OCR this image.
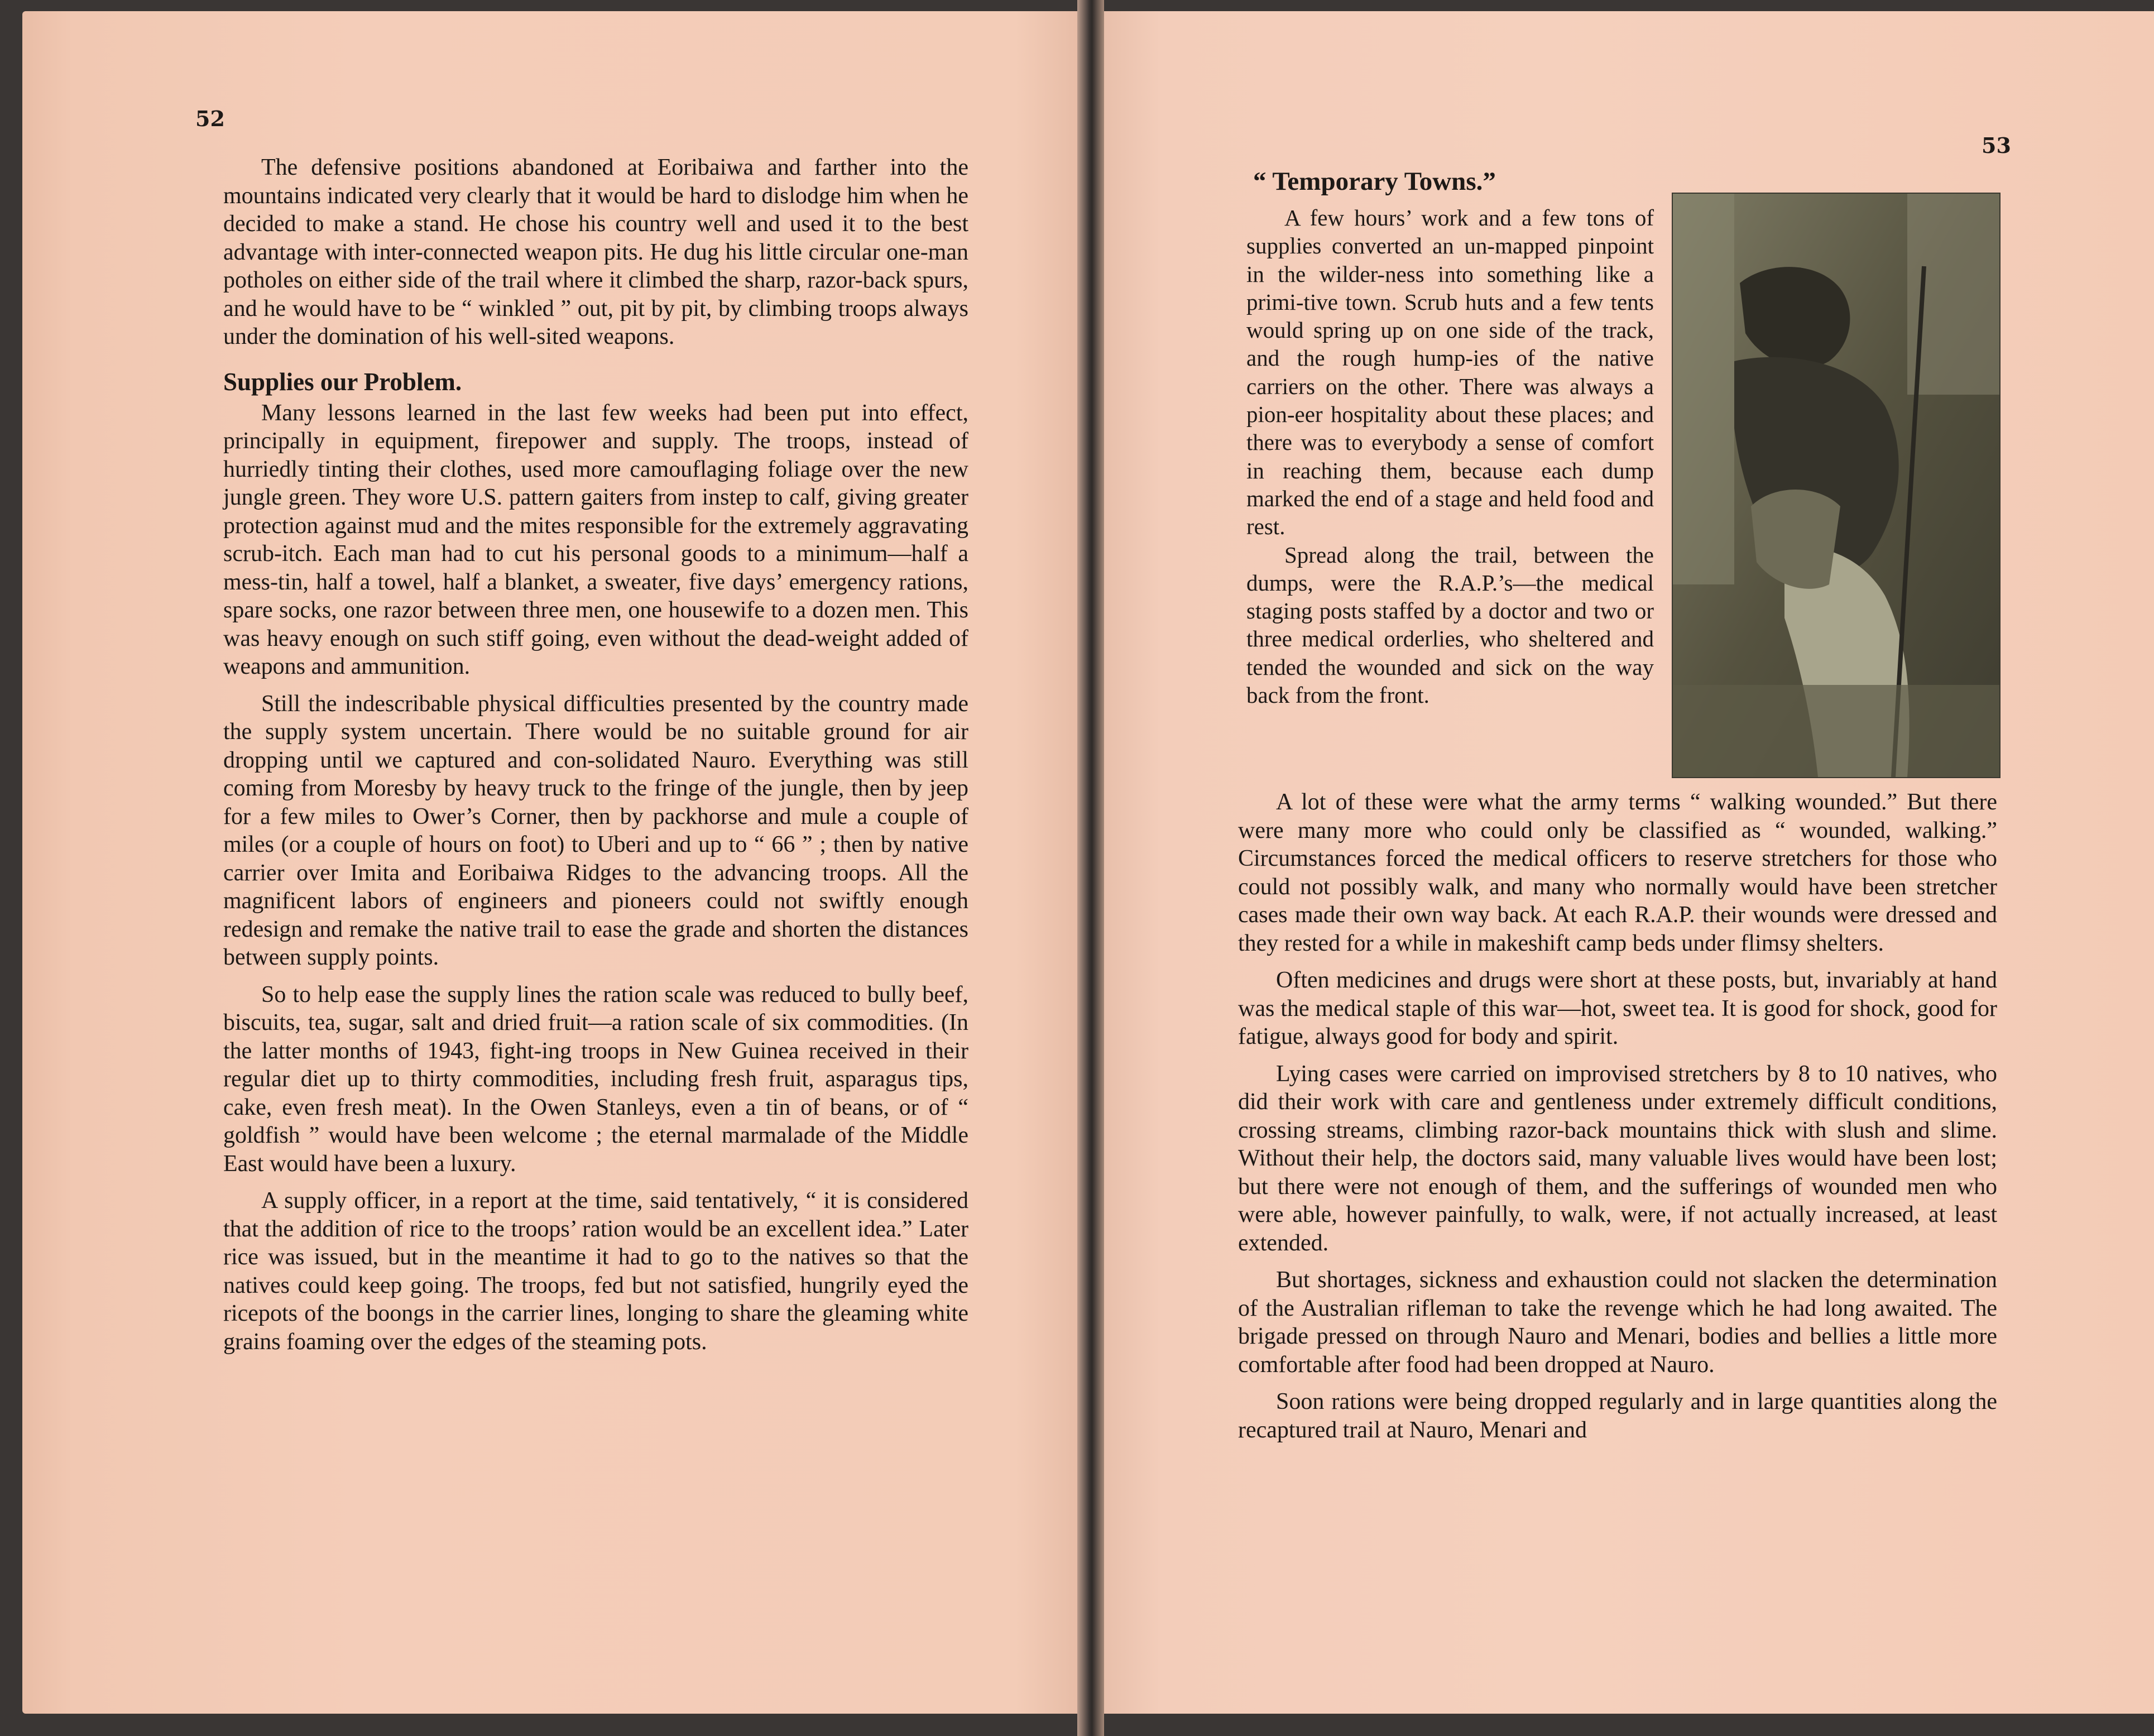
52
53

The defensive positions abandoned at Eoribaiwa and farther into the mountains indicated very clearly that it would be hard to dislodge him when he decided to make a stand. He chose his country well and used it to the best advantage with inter-connected weapon pits. He dug his little circular one-man potholes on either side of the trail where it climbed the sharp, razor-back spurs, and he would have to be “ winkled ” out, pit by pit, by climbing troops always under the domination of his well-sited weapons.

Supplies our Problem.

Many lessons learned in the last few weeks had been put into effect, principally in equipment, firepower and supply. The troops, instead of hurriedly tinting their clothes, used more camouflaging foliage over the new jungle green. They wore U.S. pattern gaiters from instep to calf, giving greater protection against mud and the mites responsible for the extremely aggravating scrub-itch. Each man had to cut his personal goods to a minimum—half a mess-tin, half a towel, half a blanket, a sweater, five days’ emergency rations, spare socks, one razor between three men, one housewife to a dozen men. This was heavy enough on such stiff going, even without the dead-weight added of weapons and ammunition.

Still the indescribable physical difficulties presented by the country made the supply system uncertain. There would be no suitable ground for air dropping until we captured and con-solidated Nauro. Everything was still coming from Moresby by heavy truck to the fringe of the jungle, then by jeep for a few miles to Ower’s Corner, then by packhorse and mule a couple of miles (or a couple of hours on foot) to Uberi and up to “ 66 ” ; then by native carrier over Imita and Eoribaiwa Ridges to the advancing troops. All the magnificent labors of engineers and pioneers could not swiftly enough redesign and remake the native trail to ease the grade and shorten the distances between supply points.

So to help ease the supply lines the ration scale was reduced to bully beef, biscuits, tea, sugar, salt and dried fruit—a ration scale of six commodities. (In the latter months of 1943, fight-ing troops in New Guinea received in their regular diet up to thirty commodities, including fresh fruit, asparagus tips, cake, even fresh meat). In the Owen Stanleys, even a tin of beans, or of “ goldfish ” would have been welcome ; the eternal marmalade of the Middle East would have been a luxury.

A supply officer, in a report at the time, said tentatively, “ it is considered that the addition of rice to the troops’ ration would be an excellent idea.” Later rice was issued, but in the meantime it had to go to the natives so that the natives could keep going. The troops, fed but not satisfied, hungrily eyed the ricepots of the boongs in the carrier lines, longing to share the gleaming white grains foaming over the edges of the steaming pots.

“ Temporary Towns.”

A few hours’ work and a few tons of supplies converted an un-mapped pinpoint in the wilder-ness into something like a primi-tive town. Scrub huts and a few tents would spring up on one side of the track, and the rough hump-ies of the native carriers on the other. There was always a pion-eer hospitality about these places; and there was to everybody a sense of comfort in reaching them, because each dump marked the end of a stage and held food and rest.

Spread along the trail, between the dumps, were the R.A.P.’s—the medical staging posts staffed by a doctor and two or three medical orderlies, who sheltered and tended the wounded and sick on the way back from the front.

A lot of these were what the army terms “ walking wounded.” But there were many more who could only be classified as “ wounded, walking.” Circumstances forced the medical officers to reserve stretchers for those who could not possibly walk, and many who normally would have been stretcher cases made their own way back. At each R.A.P. their wounds were dressed and they rested for a while in makeshift camp beds under flimsy shelters.

Often medicines and drugs were short at these posts, but, invariably at hand was the medical staple of this war—hot, sweet tea. It is good for shock, good for fatigue, always good for body and spirit.

Lying cases were carried on improvised stretchers by 8 to 10 natives, who did their work with care and gentleness under extremely difficult conditions, crossing streams, climbing razor-back mountains thick with slush and slime. Without their help, the doctors said, many valuable lives would have been lost; but there were not enough of them, and the sufferings of wounded men who were able, however painfully, to walk, were, if not actually increased, at least extended.

But shortages, sickness and exhaustion could not slacken the determination of the Australian rifleman to take the revenge which he had long awaited. The brigade pressed on through Nauro and Menari, bodies and bellies a little more comfortable after food had been dropped at Nauro.

Soon rations were being dropped regularly and in large quantities along the recaptured trail at Nauro, Menari and
